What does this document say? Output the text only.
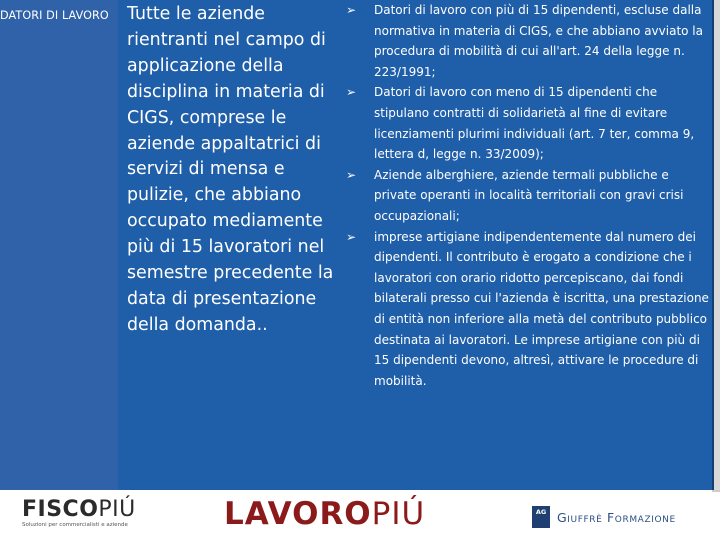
DATORI DI LAVORO	Tutte le aziende rientranti nel campo di applicazione della disciplina in materia di CIGS, comprese le aziende appaltatrici di servizi di mensa e pulizie, che abbiano occupato mediamente più di 15 lavoratori nel semestre precedente la data di presentazione della domanda..
➢	Datori di lavoro con più di 15 dipendenti, escluse dalla normativa in materia di CIGS, e che abbiano avviato la procedura di mobilità di cui all'art. 24 della legge n. 223/1991;
➢	Datori di lavoro con meno di 15 dipendenti che stipulano contratti di solidarietà al fine di evitare licenziamenti plurimi individuali (art. 7 ter, comma 9, lettera d, legge n. 33/2009);
➢	Aziende alberghiere, aziende termali pubbliche e private operanti in località territoriali con gravi crisi occupazionali;
➢	imprese artigiane indipendentemente dal numero dei dipendenti. Il contributo è erogato a condizione che i lavoratori con orario ridotto percepiscano, dai fondi bilaterali presso cui l'azienda è iscritta, una prestazione di entità non inferiore alla metà del contributo pubblico destinata ai lavoratori. Le imprese artigiane con più di 15 dipendenti devono, altresì, attivare le procedure di mobilità.
FISCOPIÚ
Soluzioni per commercialisti e aziende	LAVOROPIÚ	AG Giuffrè Formazione
